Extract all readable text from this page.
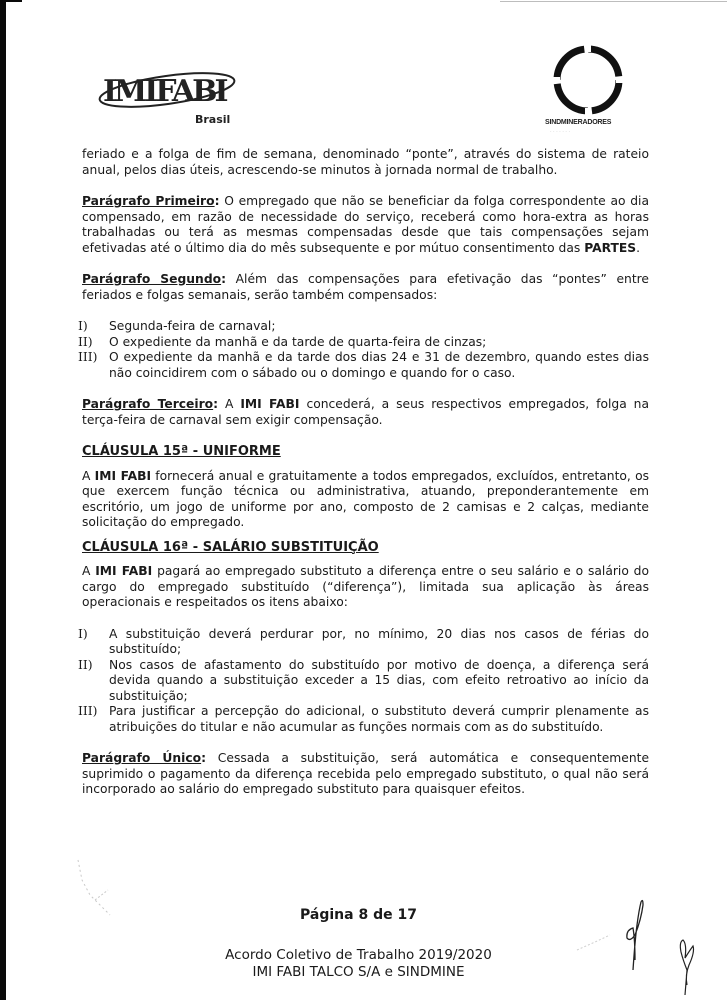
IMIFABI
Brasil	SINDMINERADORES
· · · · · · ·

feriado e a folga de fim de semana, denominado “ponte”, através do sistema de rateio anual, pelos dias úteis, acrescendo-se minutos à jornada normal de trabalho.

Parágrafo Primeiro: O empregado que não se beneficiar da folga correspondente ao dia compensado, em razão de necessidade do serviço, receberá como hora-extra as horas trabalhadas ou terá as mesmas compensadas desde que tais compensações sejam efetivadas até o último dia do mês subsequente e por mútuo consentimento das PARTES.

Parágrafo Segundo: Além das compensações para efetivação das “pontes” entre feriados e folgas semanais, serão também compensados:

I) Segunda-feira de carnaval;
II) O expediente da manhã e da tarde de quarta-feira de cinzas;
III) O expediente da manhã e da tarde dos dias 24 e 31 de dezembro, quando estes dias não coincidirem com o sábado ou o domingo e quando for o caso.

Parágrafo Terceiro: A IMI FABI concederá, a seus respectivos empregados, folga na terça-feira de carnaval sem exigir compensação.

CLÁUSULA 15ª - UNIFORME

A IMI FABI fornecerá anual e gratuitamente a todos empregados, excluídos, entretanto, os que exercem função técnica ou administrativa, atuando, preponderantemente em escritório, um jogo de uniforme por ano, composto de 2 camisas e 2 calças, mediante solicitação do empregado.

CLÁUSULA 16ª - SALÁRIO SUBSTITUIÇÃO

A IMI FABI pagará ao empregado substituto a diferença entre o seu salário e o salário do cargo do empregado substituído (“diferença”), limitada sua aplicação às áreas operacionais e respeitados os itens abaixo:

I) A substituição deverá perdurar por, no mínimo, 20 dias nos casos de férias do substituído;
II) Nos casos de afastamento do substituído por motivo de doença, a diferença será devida quando a substituição exceder a 15 dias, com efeito retroativo ao início da substituição;
III) Para justificar a percepção do adicional, o substituto deverá cumprir plenamente as atribuições do titular e não acumular as funções normais com as do substituído.

Parágrafo Único: Cessada a substituição, será automática e consequentemente suprimido o pagamento da diferença recebida pelo empregado substituto, o qual não será incorporado ao salário do empregado substituto para quaisquer efeitos.

Página 8 de 17
Acordo Coletivo de Trabalho 2019/2020
IMI FABI TALCO S/A e SINDMINE
